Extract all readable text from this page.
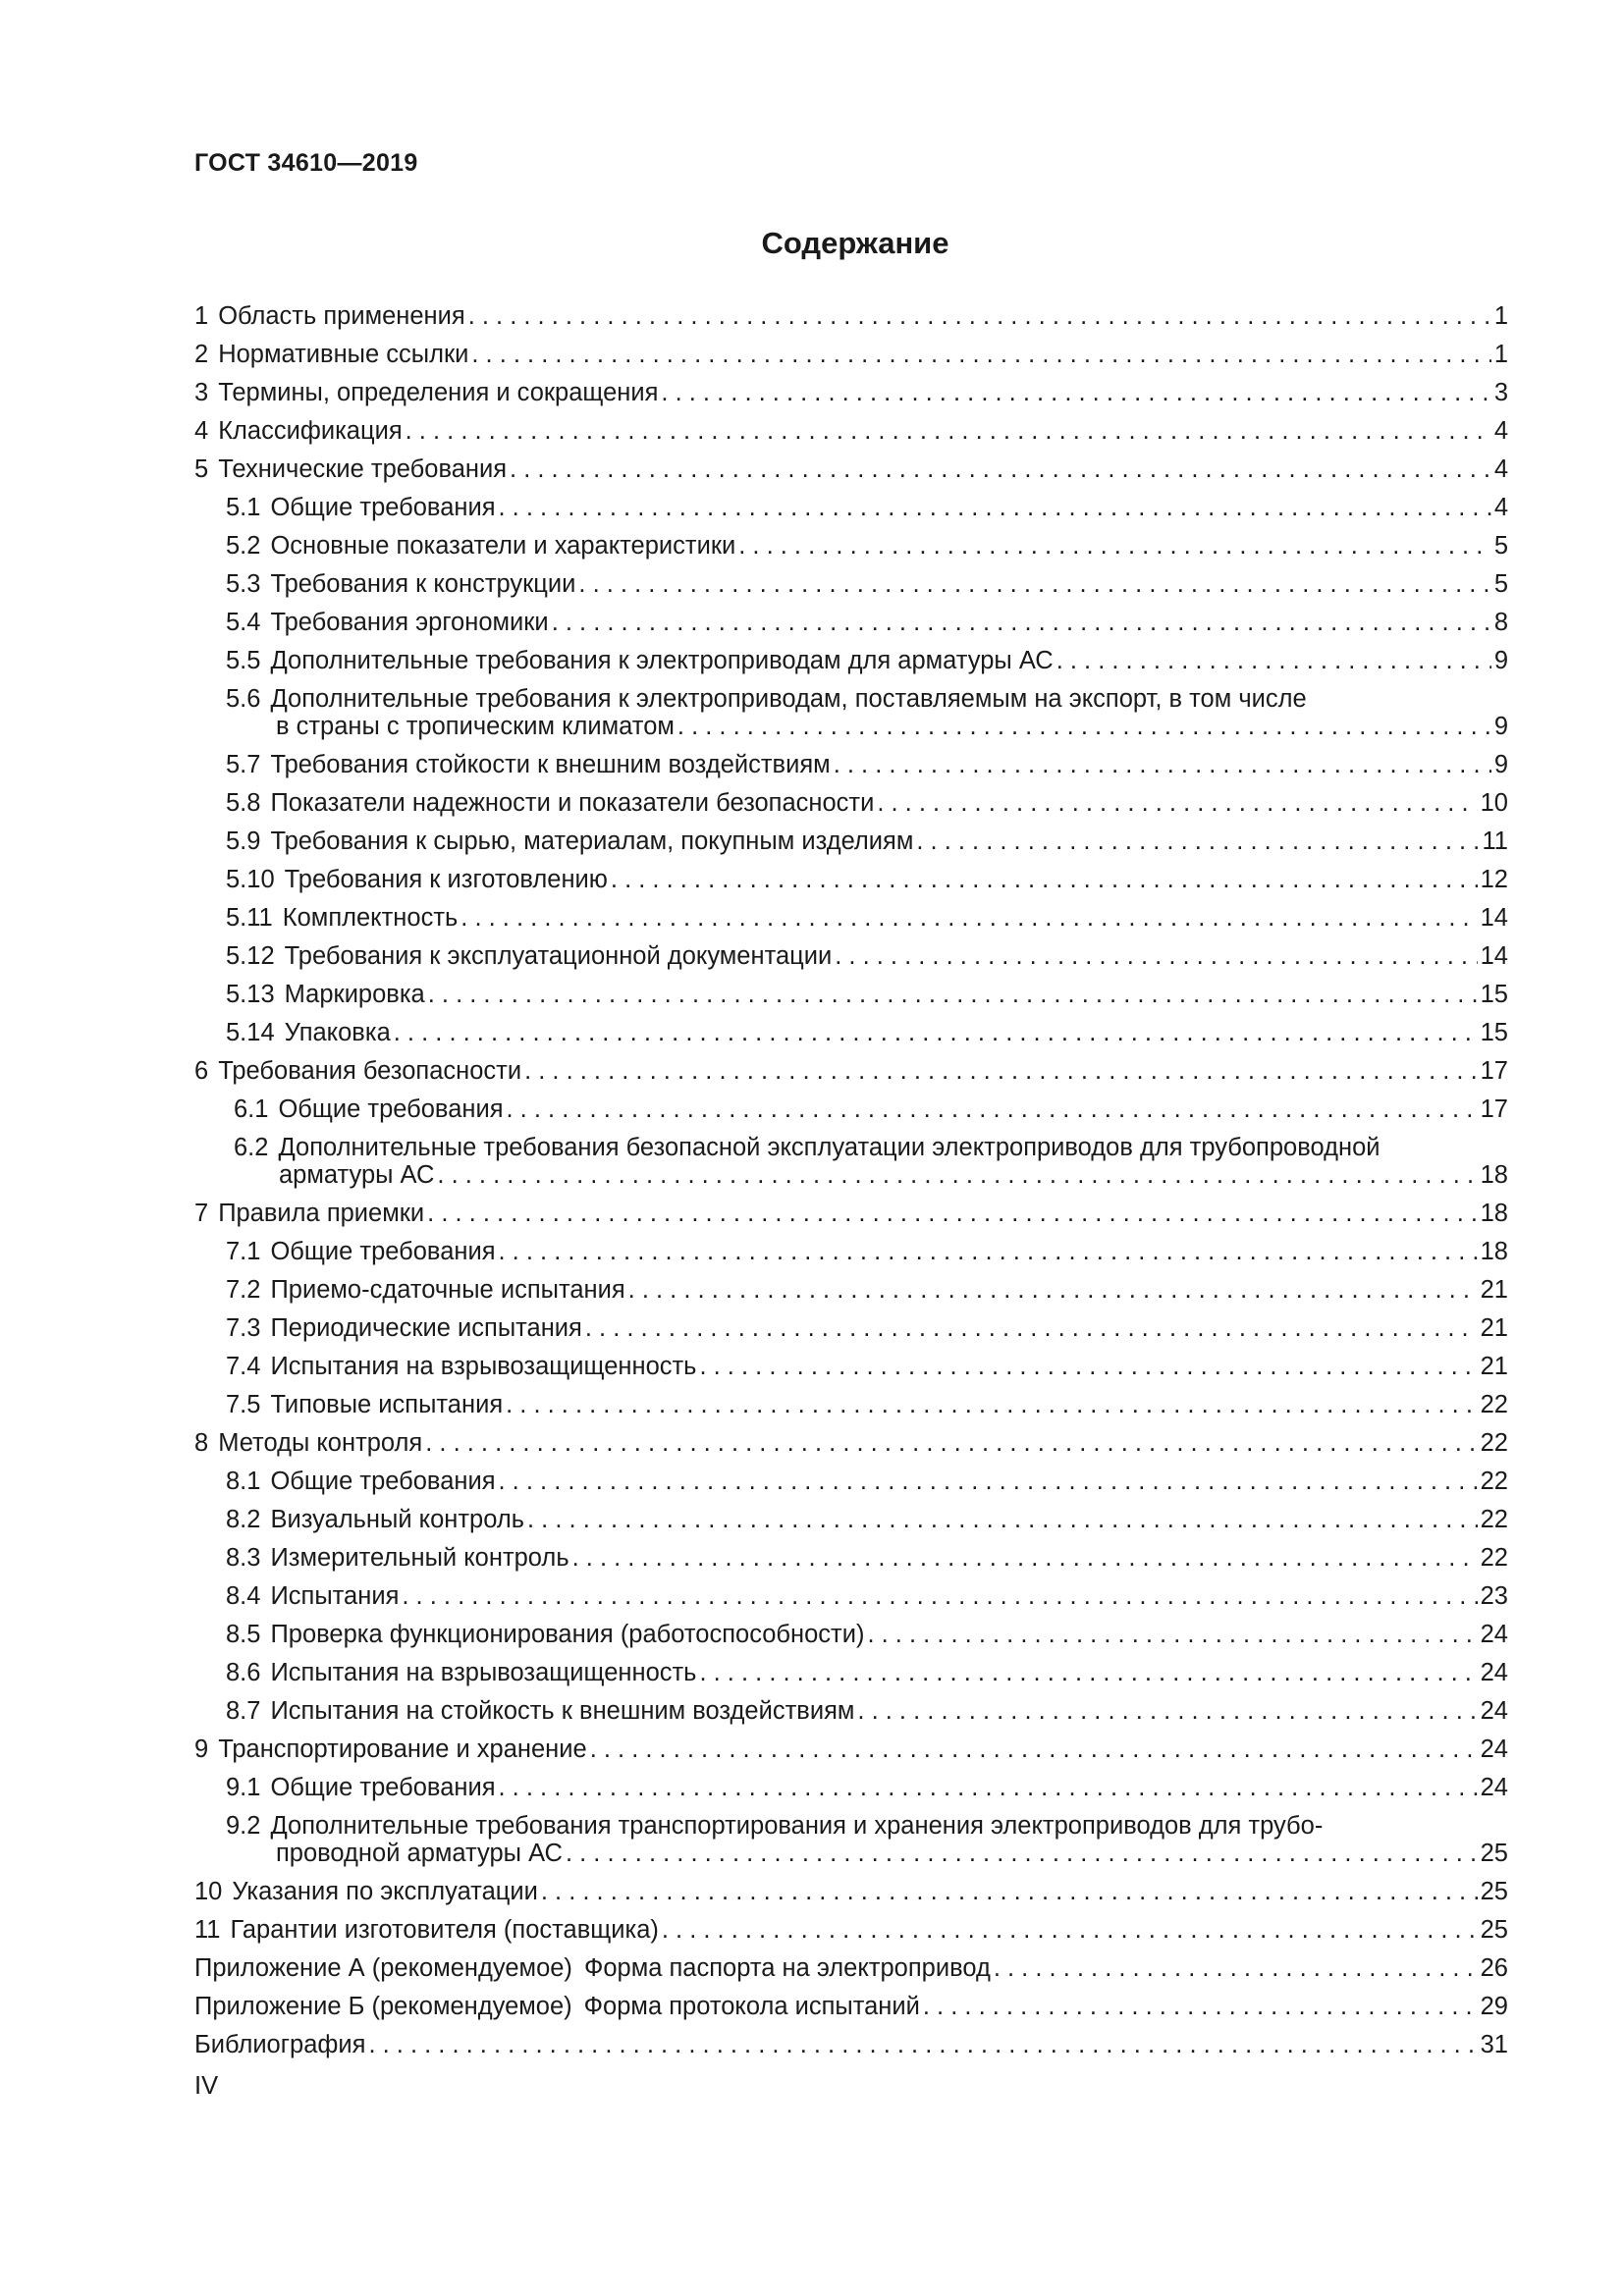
ГОСТ 34610—2019
Содержание
1 Область применения . . .	1
2 Нормативные ссылки . . .	1
3 Термины, определения и сокращения . . .	3
4 Классификация . . .	4
5 Технические требования . . .	4
5.1 Общие требования . . .	4
5.2 Основные показатели и характеристики . . .	5
5.3 Требования к конструкции . . .	5
5.4 Требования эргономики . . .	8
5.5 Дополнительные требования к электроприводам для арматуры АС . . .	9
5.6 Дополнительные требования к электроприводам, поставляемым на экспорт, в том числе
в страны с тропическим климатом . . .	9
5.7 Требования стойкости к внешним воздействиям . . .	9
5.8 Показатели надежности и показатели безопасности . . .	10
5.9 Требования к сырью, материалам, покупным изделиям . . .	11
5.10 Требования к изготовлению . . .	12
5.11 Комплектность . . .	14
5.12 Требования к эксплуатационной документации . . .	14
5.13 Маркировка . . .	15
5.14 Упаковка . . .	15
6 Требования безопасности . . .	17
6.1 Общие требования . . .	17
6.2 Дополнительные требования безопасной эксплуатации электроприводов для трубопроводной
арматуры АС . . .	18
7 Правила приемки . . .	18
7.1 Общие требования . . .	18
7.2 Приемо-сдаточные испытания . . .	21
7.3 Периодические испытания . . .	21
7.4 Испытания на взрывозащищенность . . .	21
7.5 Типовые испытания . . .	22
8 Методы контроля . . .	22
8.1 Общие требования . . .	22
8.2 Визуальный контроль . . .	22
8.3 Измерительный контроль . . .	22
8.4 Испытания . . .	23
8.5 Проверка функционирования (работоспособности) . . .	24
8.6 Испытания на взрывозащищенность . . .	24
8.7 Испытания на стойкость к внешним воздействиям . . .	24
9 Транспортирование и хранение . . .	24
9.1 Общие требования . . .	24
9.2 Дополнительные требования транспортирования и хранения электроприводов для трубо-
проводной арматуры АС . . .	25
10 Указания по эксплуатации . . .	25
11 Гарантии изготовителя (поставщика) . . .	25
Приложение А (рекомендуемое) Форма паспорта на электропривод . . .	26
Приложение Б (рекомендуемое) Форма протокола испытаний . . .	29
Библиография . . .	31
IV
